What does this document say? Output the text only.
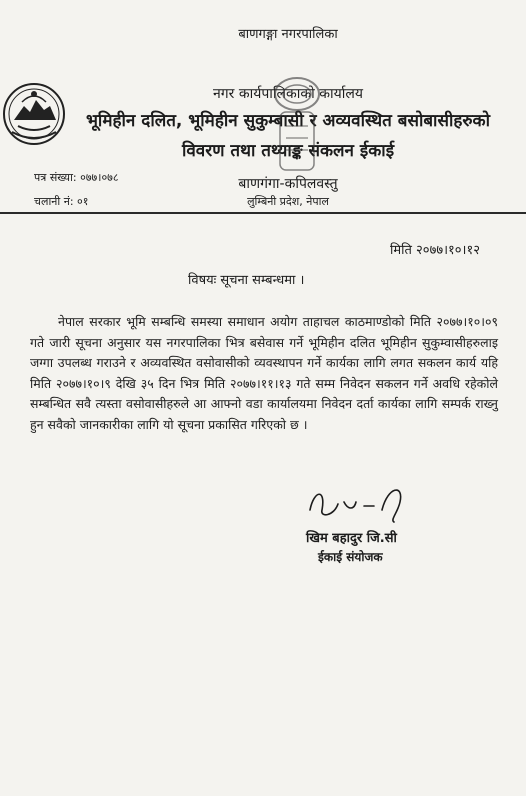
बाणगङ्गा नगरपालिका
नगर कार्यपालिकाको कार्यालय
भूमिहीन दलित, भूमिहीन सुकुम्बासी र अव्यवस्थित बसोबासीहरुको
विवरण तथा तथ्याङ्क संकलन ईकाई
बाणगंगा-कपिलवस्तु
लुम्बिनी प्रदेश, नेपाल
पत्र संख्या: ०७७।०७८
चलानी नं: ०१
मिति २०७७।१०।१२
विषयः सूचना सम्बन्धमा ।

नेपाल सरकार भूमि सम्बन्धि समस्या समाधान अयोग ताहाचल काठमाण्डोको मिति २०७७।१०।०९ गते जारी सूचना अनुसार यस नगरपालिका भित्र बसेवास गर्ने भूमिहीन दलित भूमिहीन सुकुम्वासीहरुलाइ जग्गा उपलब्ध गराउने र अव्यवस्थित वसोवासीको व्यवस्थापन गर्ने कार्यका लागि लगत सकलन कार्य यहि मिति २०७७।१०।९ देखि ३५ दिन भित्र मिति २०७७।११।१३ गते सम्म निवेदन सकलन गर्ने अवधि रहेकोले सम्बन्धित सवै त्यस्ता वसोवासीहरुले आ आफ्नो वडा कार्यालयमा निवेदन दर्ता कार्यका लागि सम्पर्क राख्नु हुन सवैको जानकारीका लागि यो सूचना प्रकासित गरिएको छ ।

खिम बहादुर जि.सी
ईकाई संयोजक
